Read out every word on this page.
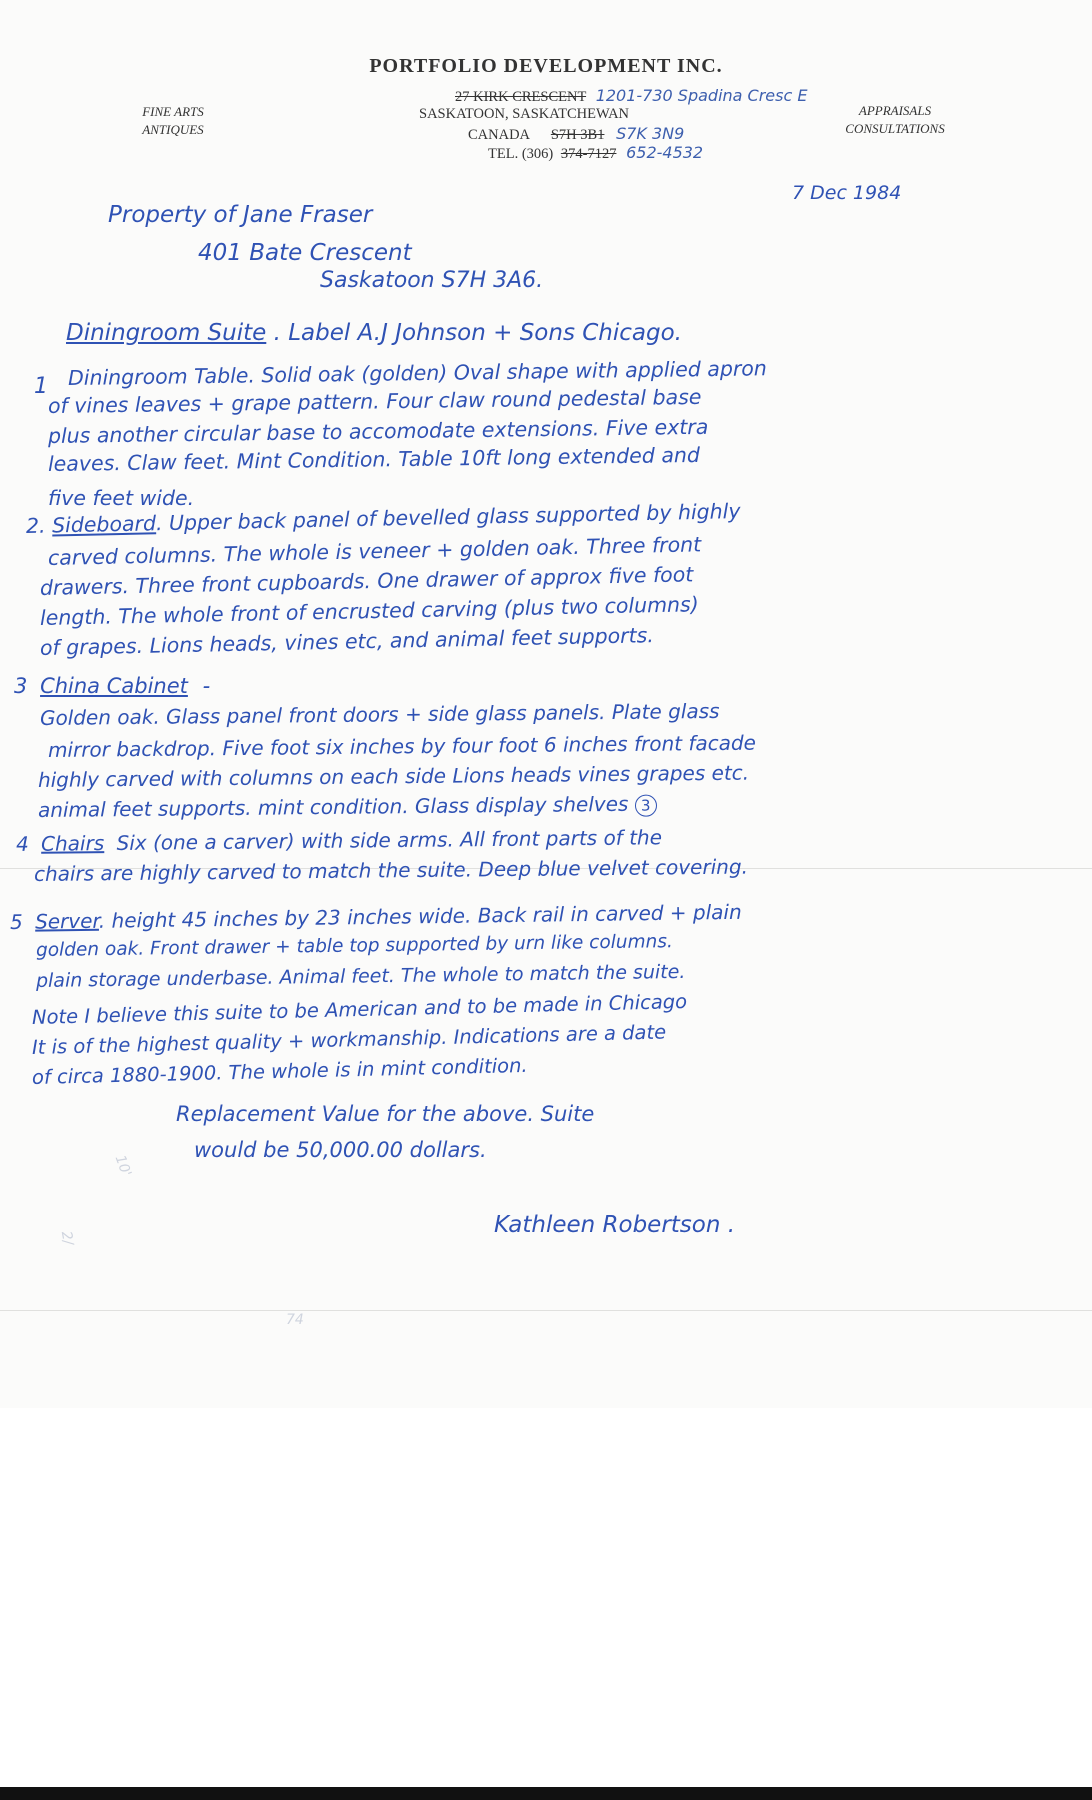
PORTFOLIO DEVELOPMENT INC.
FINE ARTS
ANTIQUES
APPRAISALS
CONSULTATIONS
27 KIRK CRESCENT 1201-730 Spadina Cresc E
SASKATOON, SASKATCHEWAN
CANADA S7H 3B1 S7K 3N9
TEL. (306) 374-7127 652-4532
7 Dec 1984
Property of Jane Fraser
401 Bate Crescent
Saskatoon S7H 3A6.
Diningroom Suite . Label A.J Johnson + Sons Chicago.
1 Diningroom Table. Solid oak (golden) Oval shape with applied apron
of vines leaves + grape pattern. Four claw round pedestal base
plus another circular base to accomodate extensions. Five extra
leaves. Claw feet. Mint Condition. Table 10ft long extended and
five feet wide.
2. Sideboard. Upper back panel of bevelled glass supported by highly
carved columns. The whole is veneer + golden oak. Three front
drawers. Three front cupboards. One drawer of approx five foot
length. The whole front of encrusted carving (plus two columns)
of grapes. Lions heads, vines etc, and animal feet supports.
3 China Cabinet -
Golden oak. Glass panel front doors + side glass panels. Plate glass
mirror backdrop. Five foot six inches by four foot 6 inches front facade
highly carved with columns on each side Lions heads vines grapes etc.
animal feet supports. mint condition. Glass display shelves 3
4 Chairs Six (one a carver) with side arms. All front parts of the
chairs are highly carved to match the suite. Deep blue velvet covering.
5 Server. height 45 inches by 23 inches wide. Back rail in carved + plain
golden oak. Front drawer + table top supported by urn like columns.
plain storage underbase. Animal feet. The whole to match the suite.
Note I believe this suite to be American and to be made in Chicago
It is of the highest quality + workmanship. Indications are a date
of circa 1880-1900. The whole is in mint condition.
Replacement Value for the above. Suite
would be 50,000.00 dollars.
Kathleen Robertson .
10'
2/
74
